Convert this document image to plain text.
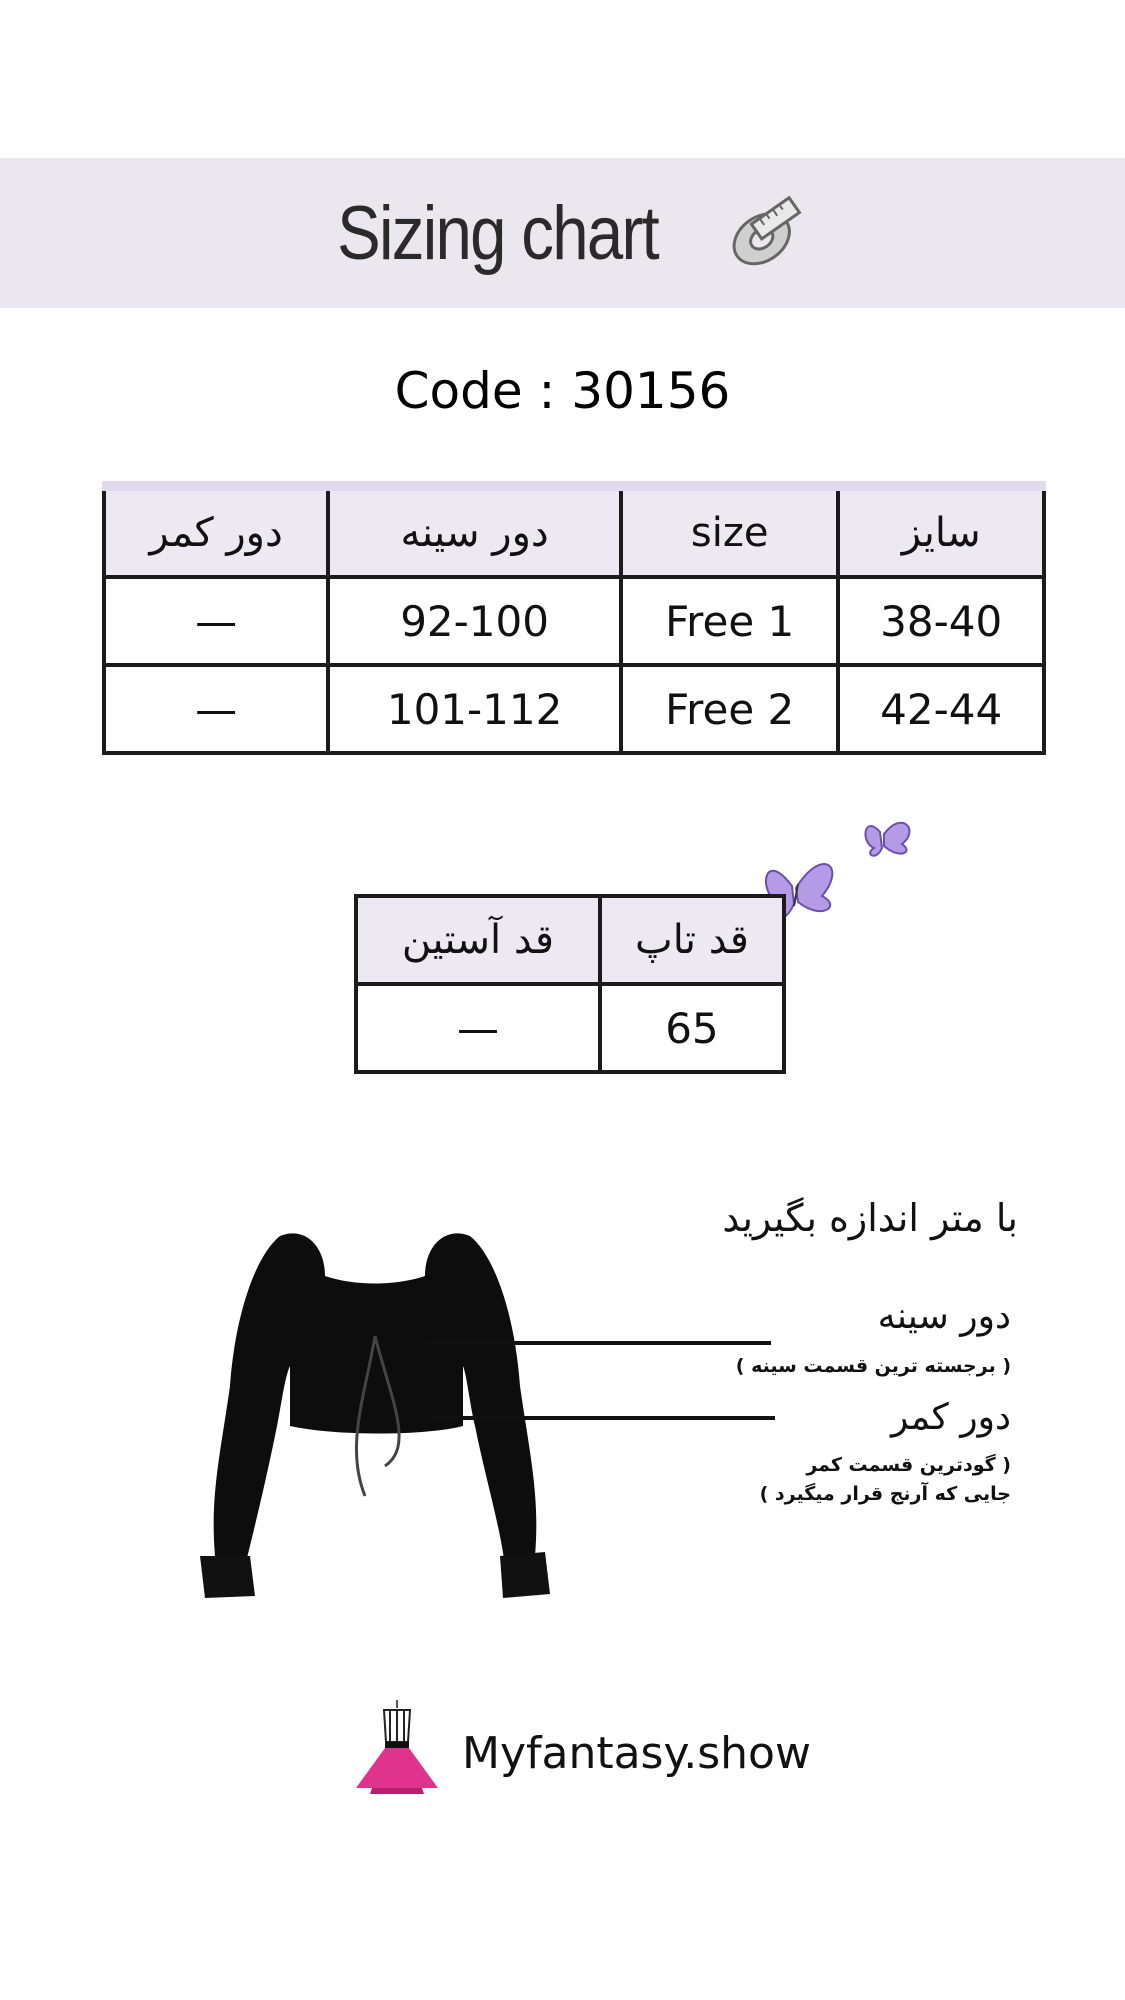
Sizing chart
Code : 30156
دور کمر	دور سینه	size	سایز
—	92-100	Free 1	38-40
—	101-112	Free 2	42-44
قد آستین	قد تاپ
—	65
با متر اندازه بگیرید
دور سینه
( برجسته ترین قسمت سینه )
دور کمر
( گودترین قسمت کمر
جایی که آرنج قرار میگیرد )
Myfantasy.show
